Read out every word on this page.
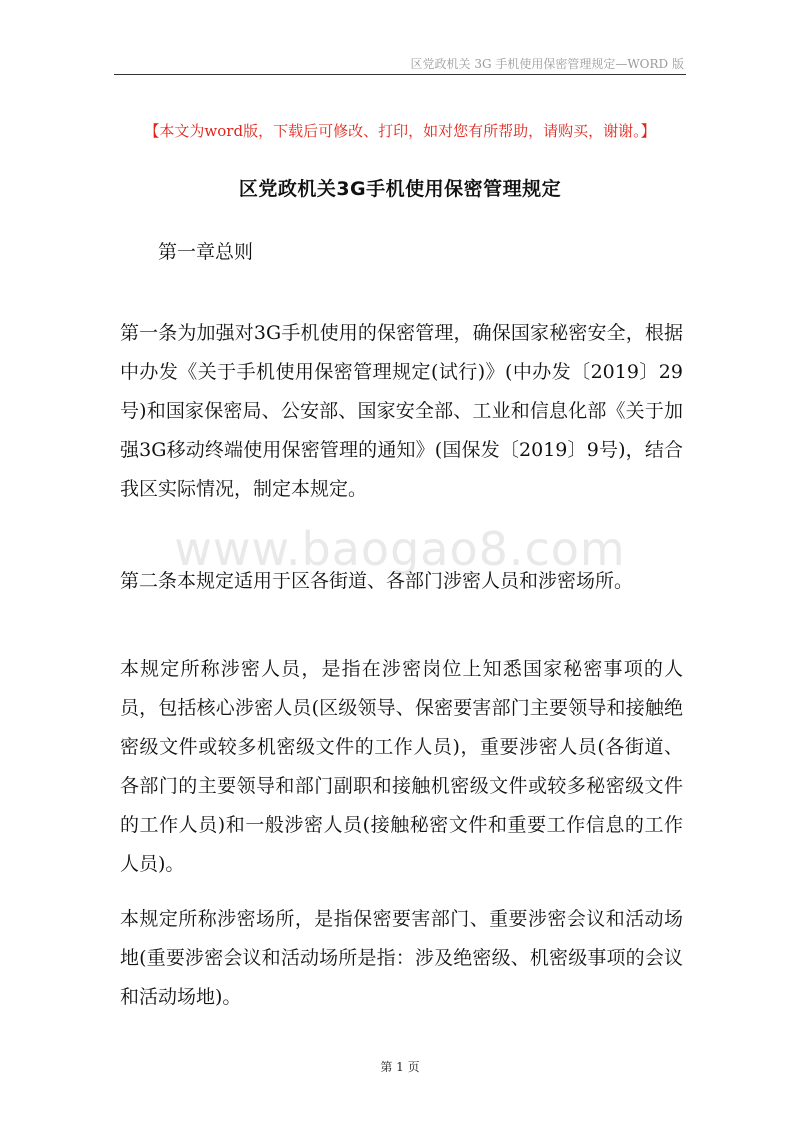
区党政机关 3G 手机使用保密管理规定—WORD 版
【本文为word版，下载后可修改、打印，如对您有所帮助，请购买，谢谢。】
区党政机关3G手机使用保密管理规定
第一章总则

第一条为加强对3G手机使用的保密管理，确保国家秘密安全，根据中办发《关于手机使用保密管理规定(试行)》(中办发〔2019〕29 号)和国家保密局、公安部、国家安全部、工业和信息化部《关于加强3G移动终端使用保密管理的通知》(国保发〔2019〕9号)，结合我区实际情况，制定本规定。

www.baogao8.com

第二条本规定适用于区各街道、各部门涉密人员和涉密场所。

本规定所称涉密人员，是指在涉密岗位上知悉国家秘密事项的人员，包括核心涉密人员(区级领导、保密要害部门主要领导和接触绝密级文件或较多机密级文件的工作人员)，重要涉密人员(各街道、各部门的主要领导和部门副职和接触机密级文件或较多秘密级文件的工作人员)和一般涉密人员(接触秘密文件和重要工作信息的工作人员)。

本规定所称涉密场所，是指保密要害部门、重要涉密会议和活动场地(重要涉密会议和活动场所是指：涉及绝密级、机密级事项的会议和活动场地)。

第 1 页
